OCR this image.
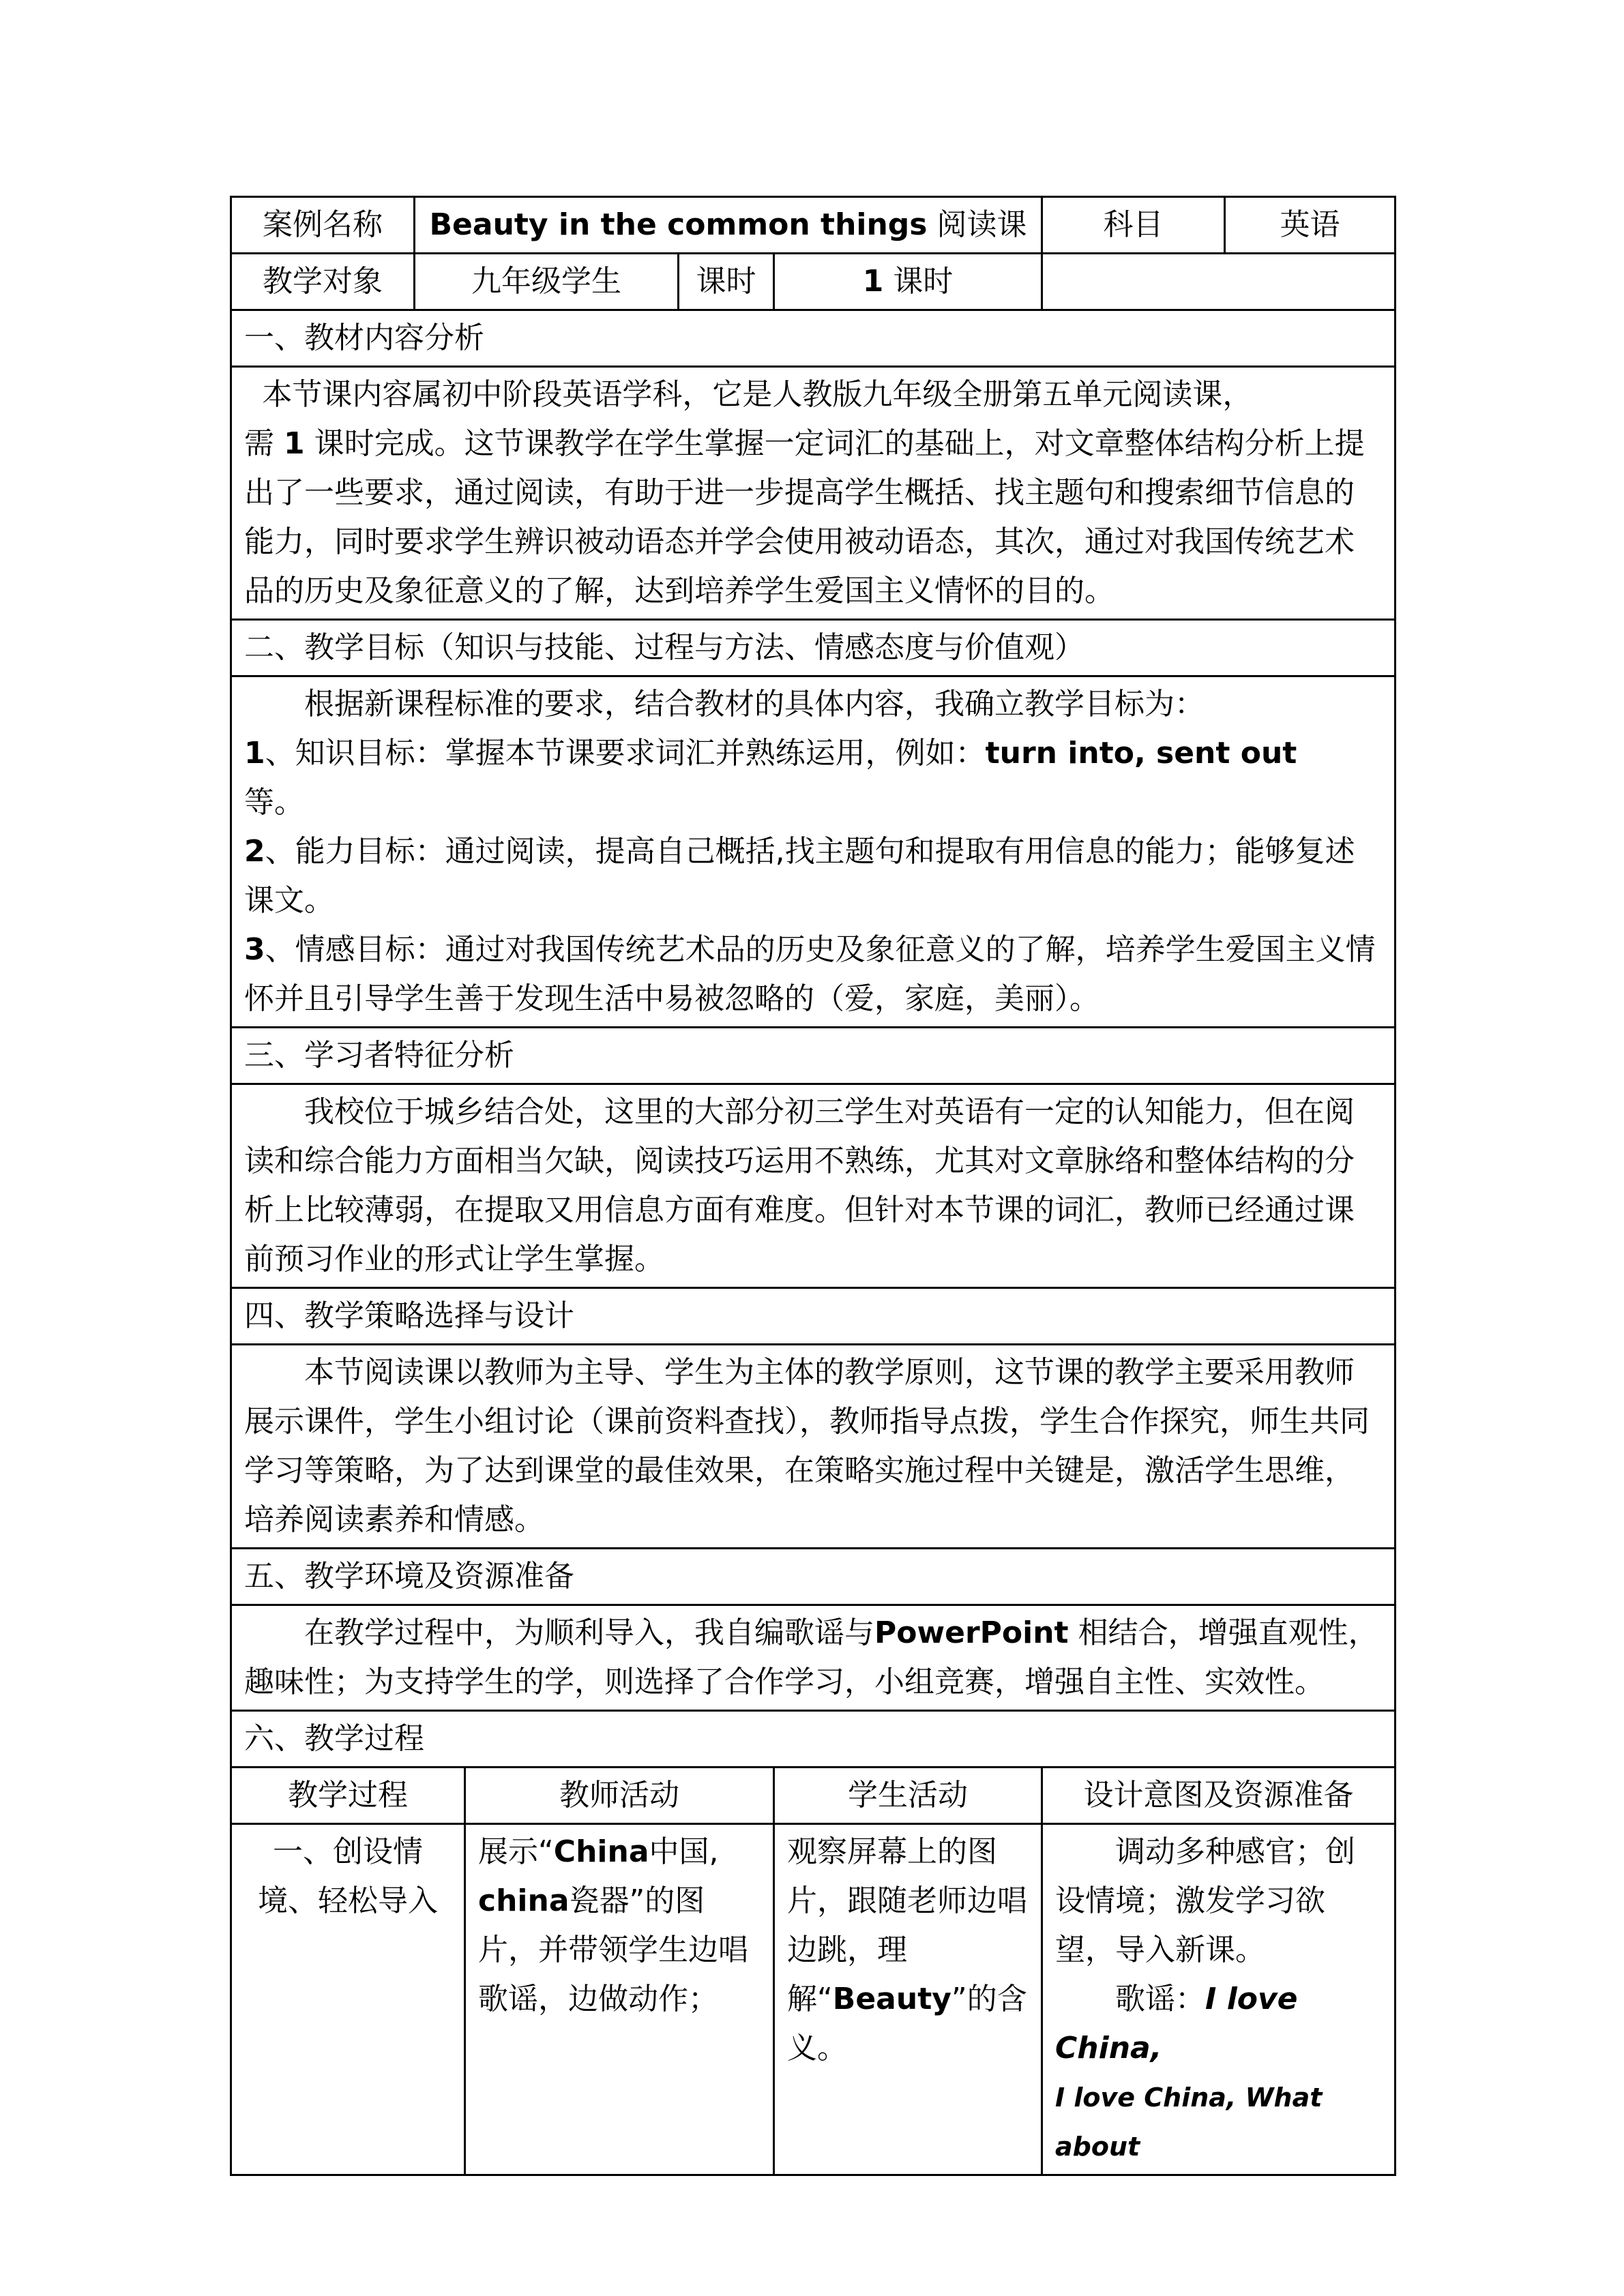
案例名称	Beauty in the common things 阅读课				科目	英语
教学对象	九年级学生		课时	1 课时		
一、教材内容分析						

本节课内容属初中阶段英语学科，它是人教版九年级全册第五单元阅读课，

需 1 课时完成。这节课教学在学生掌握一定词汇的基础上，对文章整体结构分析上提出了一些要求，通过阅读，有助于进一步提高学生概括、找主题句和搜索细节信息的能力，同时要求学生辨识被动语态并学会使用被动语态，其次，通过对我国传统艺术品的历史及象征意义的了解，达到培养学生爱国主义情怀的目的。						

二、教学目标（知识与技能、过程与方法、情感态度与价值观）						

根据新课程标准的要求，结合教材的具体内容，我确立教学目标为：

1、知识目标：掌握本节课要求词汇并熟练运用，例如：turn into, sent out
等。

2、能力目标：通过阅读，提高自己概括,找主题句和提取有用信息的能力；能够复述课文。

3、情感目标：通过对我国传统艺术品的历史及象征意义的了解，培养学生爱国主义情怀并且引导学生善于发现生活中易被忽略的（爱，家庭，美丽）。						

三、学习者特征分析						

我校位于城乡结合处，这里的大部分初三学生对英语有一定的认知能力，但在阅读和综合能力方面相当欠缺，阅读技巧运用不熟练，尤其对文章脉络和整体结构的分析上比较薄弱，在提取又用信息方面有难度。但针对本节课的词汇，教师已经通过课前预习作业的形式让学生掌握。						

四、教学策略选择与设计						

本节阅读课以教师为主导、学生为主体的教学原则，这节课的教学主要采用教师展示课件，学生小组讨论（课前资料查找），教师指导点拨，学生合作探究，师生共同学习等策略，为了达到课堂的最佳效果，在策略实施过程中关键是，激活学生思维，培养阅读素养和情感。						

五、教学环境及资源准备						

在教学过程中，为顺利导入，我自编歌谣与PowerPoint 相结合，增强直观性，趣味性；为支持学生的学，则选择了合作学习，小组竞赛，增强自主性、实效性。						

六、教学过程						
教学过程		教师活动		学生活动	设计意图及资源准备	
一、创设情境、轻松导入		展示“China中国, china瓷器”的图片，并带领学生边唱歌谣，边做动作；		观察屏幕上的图片，跟随老师边唱边跳，理解“Beauty”的含义。	调动多种感官；创设情境；激发学习欲望，导入新课。
歌谣：I love China,
I love China, What about	
